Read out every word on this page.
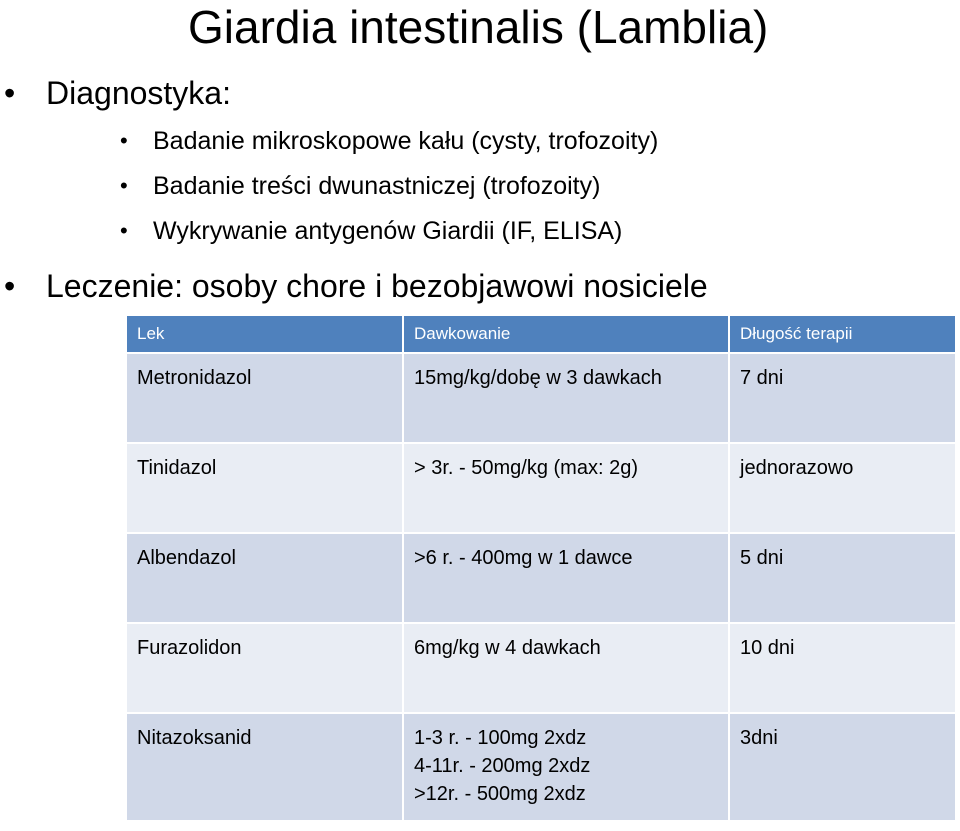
Giardia intestinalis (Lamblia)
• Diagnostyka:
• Badanie mikroskopowe kału (cysty, trofozoity)
• Badanie treści dwunastniczej (trofozoity)
• Wykrywanie antygenów Giardii (IF, ELISA)
• Leczenie: osoby chore i bezobjawowi nosiciele
Lek	Dawkowanie	Długość terapii
Metronidazol	15mg/kg/dobę w 3 dawkach	7 dni
Tinidazol	> 3r. - 50mg/kg (max: 2g)	jednorazowo
Albendazol	>6 r. - 400mg w 1 dawce	5 dni
Furazolidon	6mg/kg w 4 dawkach	10 dni
Nitazoksanid	1-3 r. - 100mg 2xdz
4-11r. - 200mg 2xdz
>12r. - 500mg 2xdz	3dni
